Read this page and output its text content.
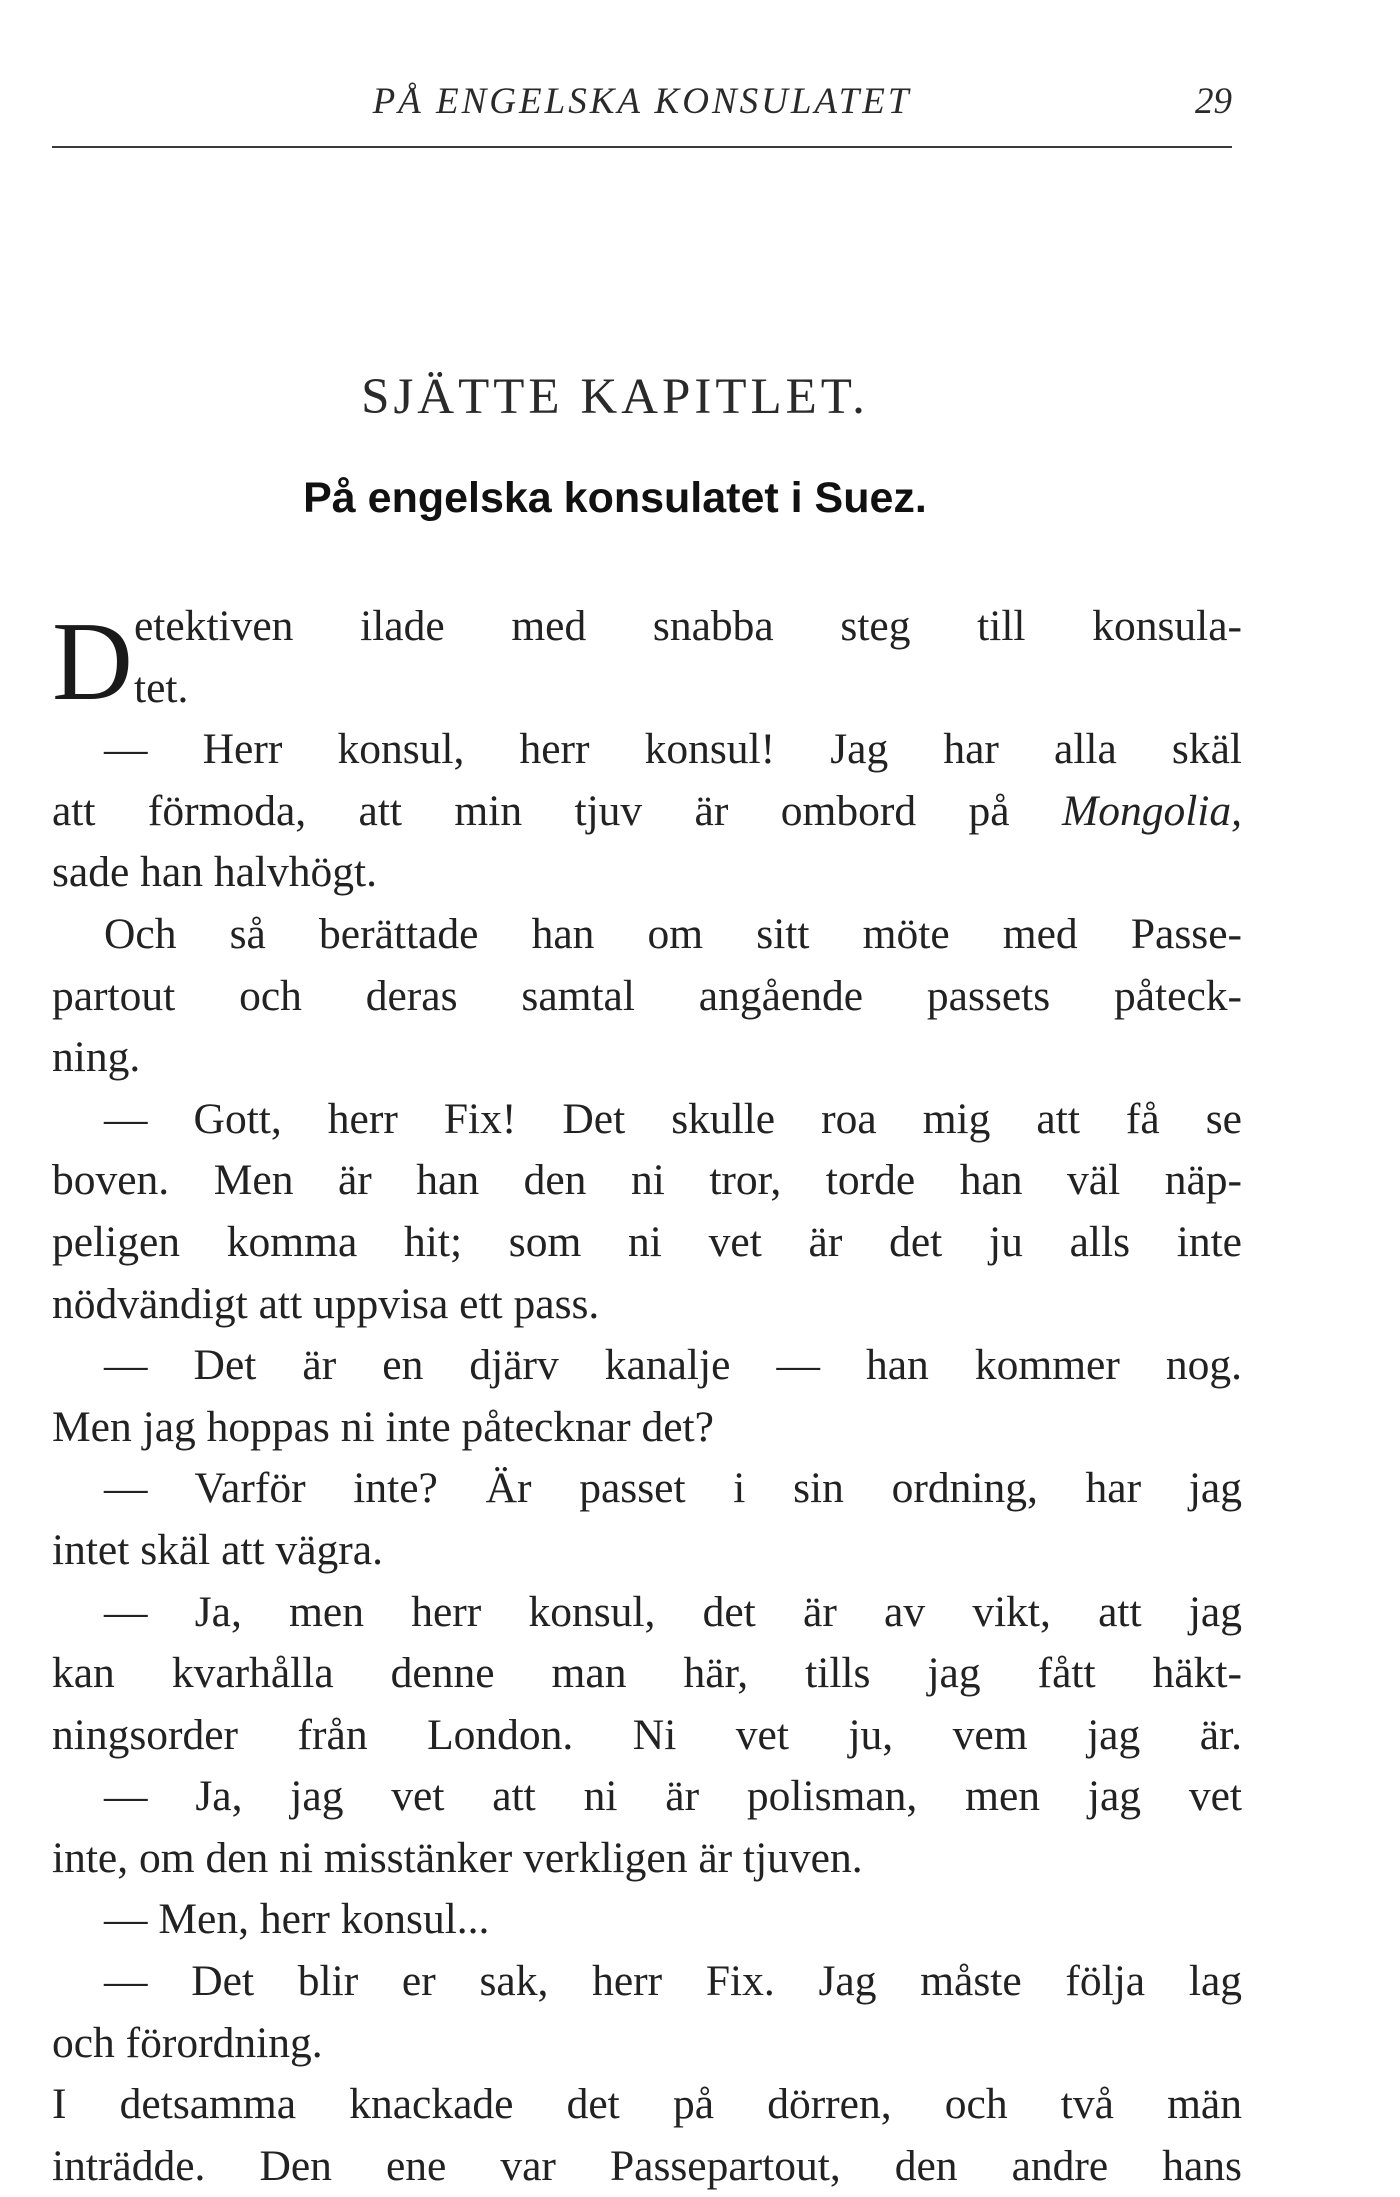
PÅ ENGELSKA KONSULATET	29
SJÄTTE KAPITLET.
På engelska konsulatet i Suez.
D etektiven ilade med snabba steg till konsula-
tet.
— Herr konsul, herr konsul! Jag har alla skäl
att förmoda, att min tjuv är ombord på Mongolia,
sade han halvhögt.
Och så berättade han om sitt möte med Passe-
partout och deras samtal angående passets påteck-
ning.
— Gott, herr Fix! Det skulle roa mig att få se
boven. Men är han den ni tror, torde han väl näp-
peligen komma hit; som ni vet är det ju alls inte
nödvändigt att uppvisa ett pass.
— Det är en djärv kanalje — han kommer nog.
Men jag hoppas ni inte påtecknar det?
— Varför inte? Är passet i sin ordning, har jag
intet skäl att vägra.
— Ja, men herr konsul, det är av vikt, att jag
kan kvarhålla denne man här, tills jag fått häkt-
ningsorder från London. Ni vet ju, vem jag är.
— Ja, jag vet att ni är polisman, men jag vet
inte, om den ni misstänker verkligen är tjuven.
— Men, herr konsul...
— Det blir er sak, herr Fix. Jag måste följa lag
och förordning.
I detsamma knackade det på dörren, och två män
inträdde. Den ene var Passepartout, den andre hans
